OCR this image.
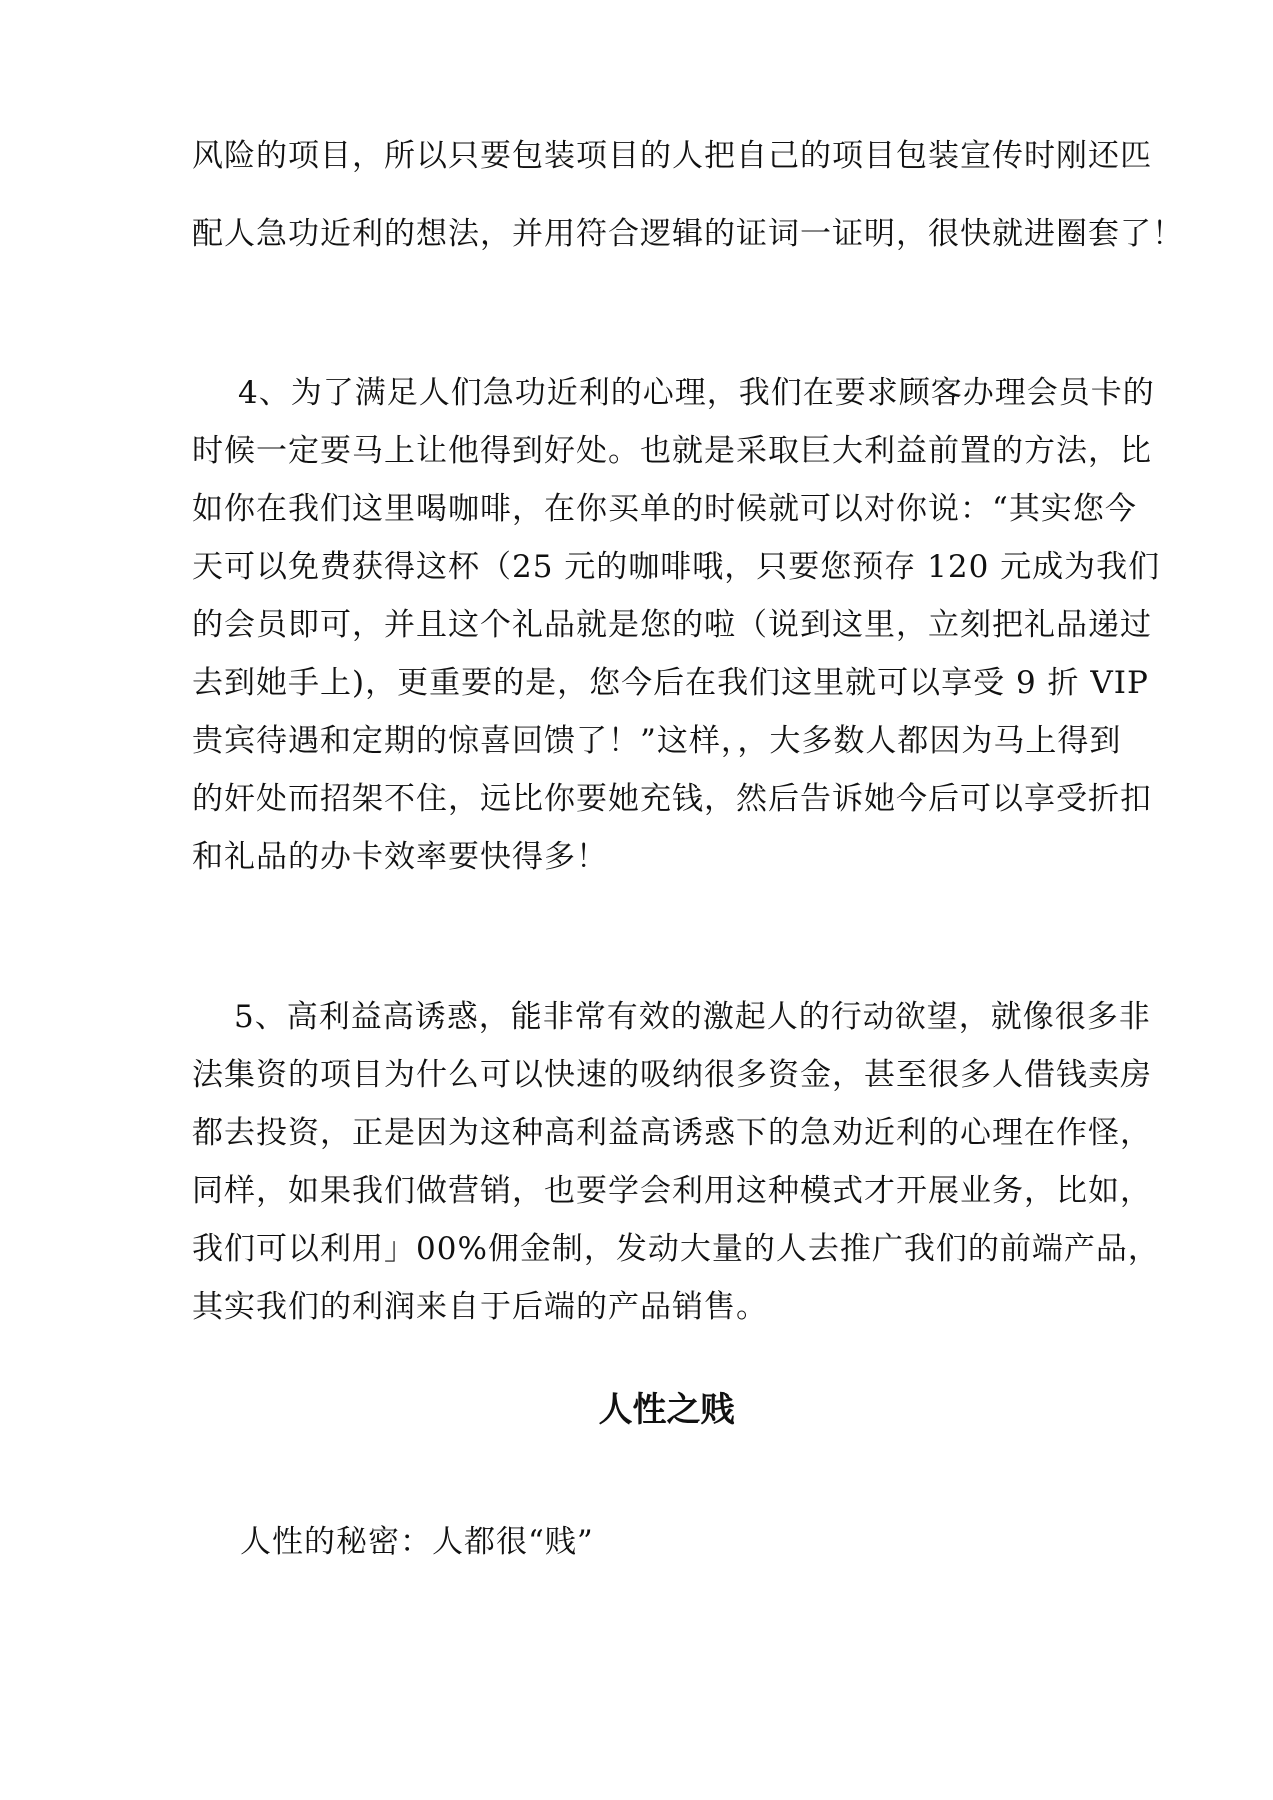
风险的项目，所以只要包装项目的人把自己的项目包装宣传时刚还匹
配人急功近利的想法，并用符合逻辑的证词一证明，很快就进圈套了！
4、为了满足人们急功近利的心理，我们在要求顾客办理会员卡的
时候一定要马上让他得到好处。也就是采取巨大利益前置的方法，比
如你在我们这里喝咖啡，在你买单的时候就可以对你说：“其实您今
天可以免费获得这杯（25 元的咖啡哦，只要您预存 120 元成为我们
的会员即可，并且这个礼品就是您的啦（说到这里，立刻把礼品递过
去到她手上)，更重要的是，您今后在我们这里就可以享受 9 折 VIP
贵宾待遇和定期的惊喜回馈了！”这样，，大多数人都因为马上得到
的奸处而招架不住，远比你要她充钱，然后告诉她今后可以享受折扣
和礼品的办卡效率要快得多！
5、高利益高诱惑，能非常有效的激起人的行动欲望，就像很多非
法集资的项目为什么可以快速的吸纳很多资金，甚至很多人借钱卖房
都去投资，正是因为这种高利益高诱惑下的急劝近利的心理在作怪，
同样，如果我们做营销，也要学会利用这种模式才开展业务，比如，
我们可以利用」00%佣金制，发动大量的人去推广我们的前端产品，
其实我们的利润来自于后端的产品销售。
人性之贱
人性的秘密：人都很“贱”
